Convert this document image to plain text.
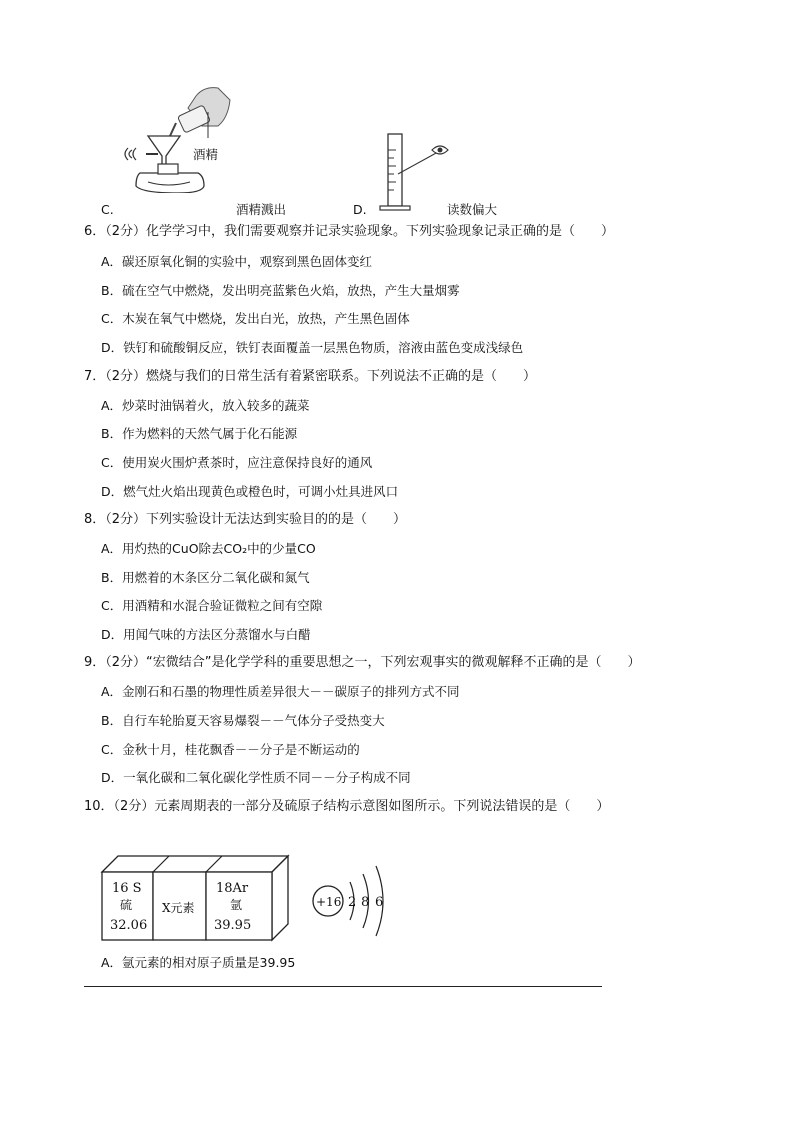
酒精
C.	酒精溅出	D.	读数偏大
6．（2分）化学学习中，我们需要观察并记录实验现象。下列实验现象记录正确的是（　　）
A．碳还原氧化铜的实验中，观察到黑色固体变红
B．硫在空气中燃烧，发出明亮蓝紫色火焰，放热，产生大量烟雾
C．木炭在氧气中燃烧，发出白光，放热，产生黑色固体
D．铁钉和硫酸铜反应，铁钉表面覆盖一层黑色物质，溶液由蓝色变成浅绿色
7．（2分）燃烧与我们的日常生活有着紧密联系。下列说法不正确的是（　　）
A．炒菜时油锅着火，放入较多的蔬菜
B．作为燃料的天然气属于化石能源
C．使用炭火围炉煮茶时，应注意保持良好的通风
D．燃气灶火焰出现黄色或橙色时，可调小灶具进风口
8．（2分）下列实验设计无法达到实验目的的是（　　）
A．用灼热的CuO除去CO₂中的少量CO
B．用燃着的木条区分二氧化碳和氮气
C．用酒精和水混合验证微粒之间有空隙
D．用闻气味的方法区分蒸馏水与白醋
9．（2分）“宏微结合”是化学学科的重要思想之一，下列宏观事实的微观解释不正确的是（　　）
A．金刚石和石墨的物理性质差异很大－－碳原子的排列方式不同
B．自行车轮胎夏天容易爆裂－－气体分子受热变大
C．金秋十月，桂花飘香－－分子是不断运动的
D．一氧化碳和二氧化碳化学性质不同－－分子构成不同
10．（2分）元素周期表的一部分及硫原子结构示意图如图所示。下列说法错误的是（　　）
16 S
硫
32.06
X元素
18Ar
氩
39.95
+16 2 8 6
A．氩元素的相对原子质量是39.95
